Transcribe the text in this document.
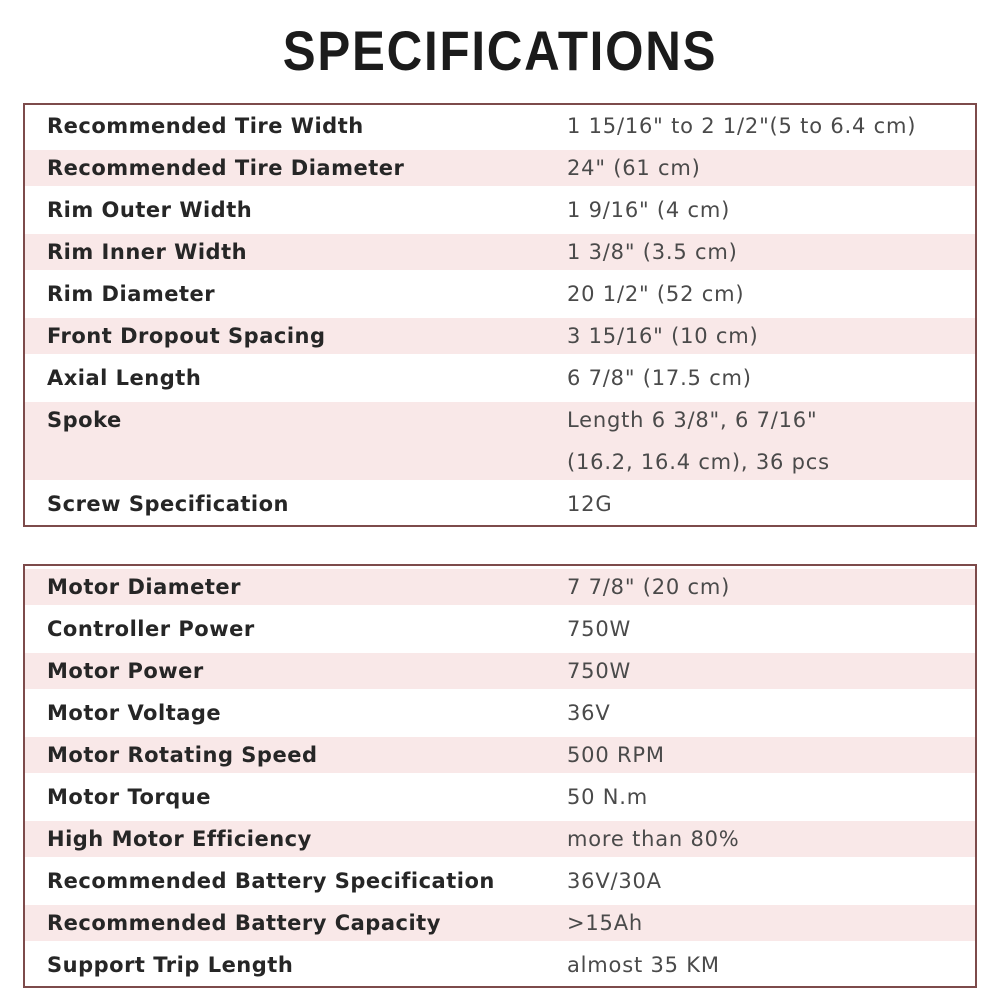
SPECIFICATIONS
Recommended Tire Width	1 15/16" to 2 1/2"(5 to 6.4 cm)
Recommended Tire Diameter	24" (61 cm)
Rim Outer Width	1 9/16" (4 cm)
Rim Inner Width	1 3/8" (3.5 cm)
Rim Diameter	20 1/2" (52 cm)
Front Dropout Spacing	3 15/16" (10 cm)
Axial Length	6 7/8" (17.5 cm)
Spoke	Length 6 3/8", 6 7/16"
(16.2, 16.4 cm), 36 pcs
Screw Specification	12G
Motor Diameter	7 7/8" (20 cm)
Controller Power	750W
Motor Power	750W
Motor Voltage	36V
Motor Rotating Speed	500 RPM
Motor Torque	50 N.m
High Motor Efficiency	more than 80%
Recommended Battery Specification	36V/30A
Recommended Battery Capacity	>15Ah
Support Trip Length	almost 35 KM
